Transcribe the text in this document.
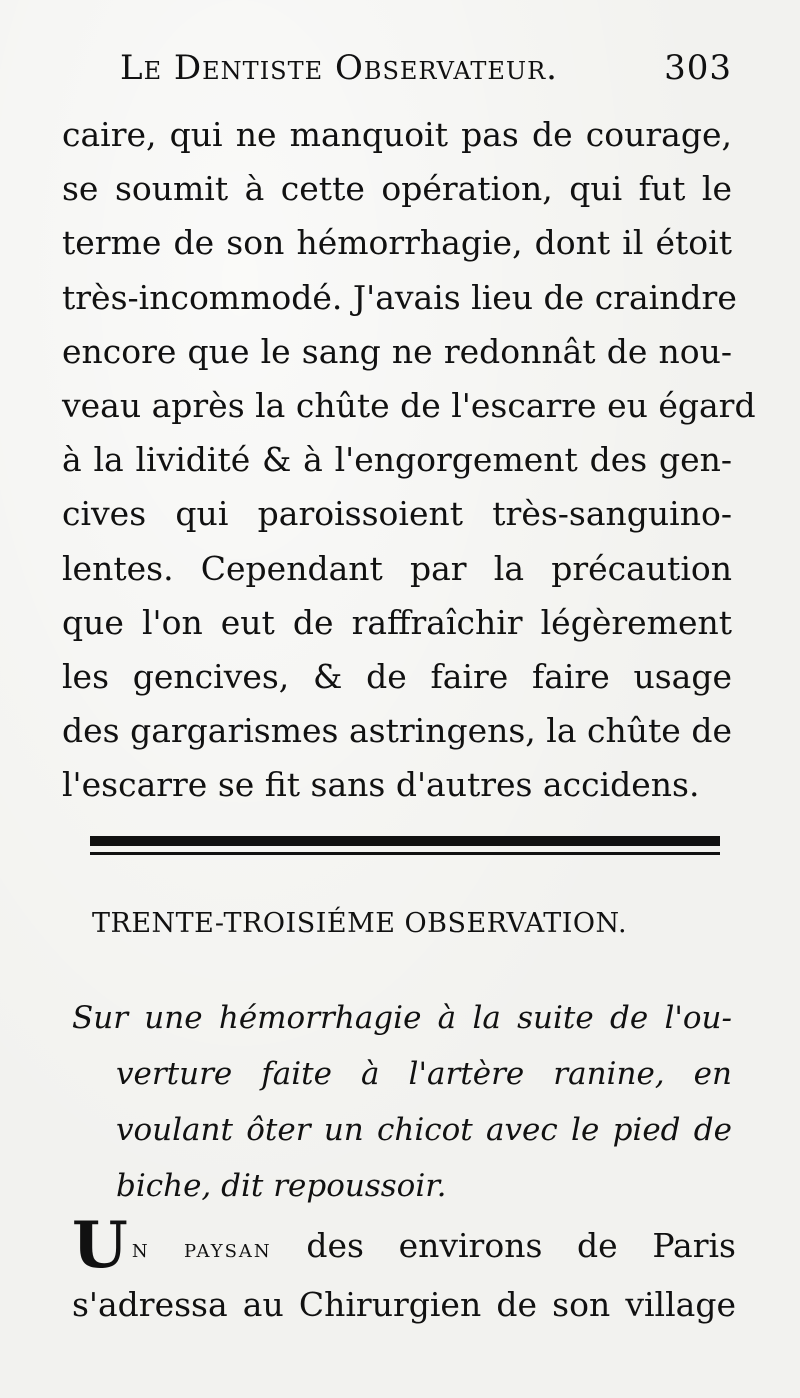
Le Dentiste Observateur.	303
caire, qui ne manquoit pas de courage,
se soumit à cette opération, qui fut le
terme de son hémorrhagie, dont il étoit
très-incommodé. J'avais lieu de craindre
encore que le sang ne redonnât de nou-
veau après la chûte de l'escarre eu égard
à la lividité & à l'engorgement des gen-
cives qui paroissoient très-sanguino-
lentes. Cependant par la précaution
que l'on eut de raffraîchir légèrement
les gencives, & de faire faire usage
des gargarismes astringens, la chûte de
l'escarre se fit sans d'autres accidens.
TRENTE-TROISIÉME OBSERVATION.
Sur une hémorrhagie à la suite de l'ou-
verture faite à l'artère ranine, en
voulant ôter un chicot avec le pied de
biche, dit repoussoir.
Un paysan des environs de Paris
s'adressa au Chirurgien de son village
